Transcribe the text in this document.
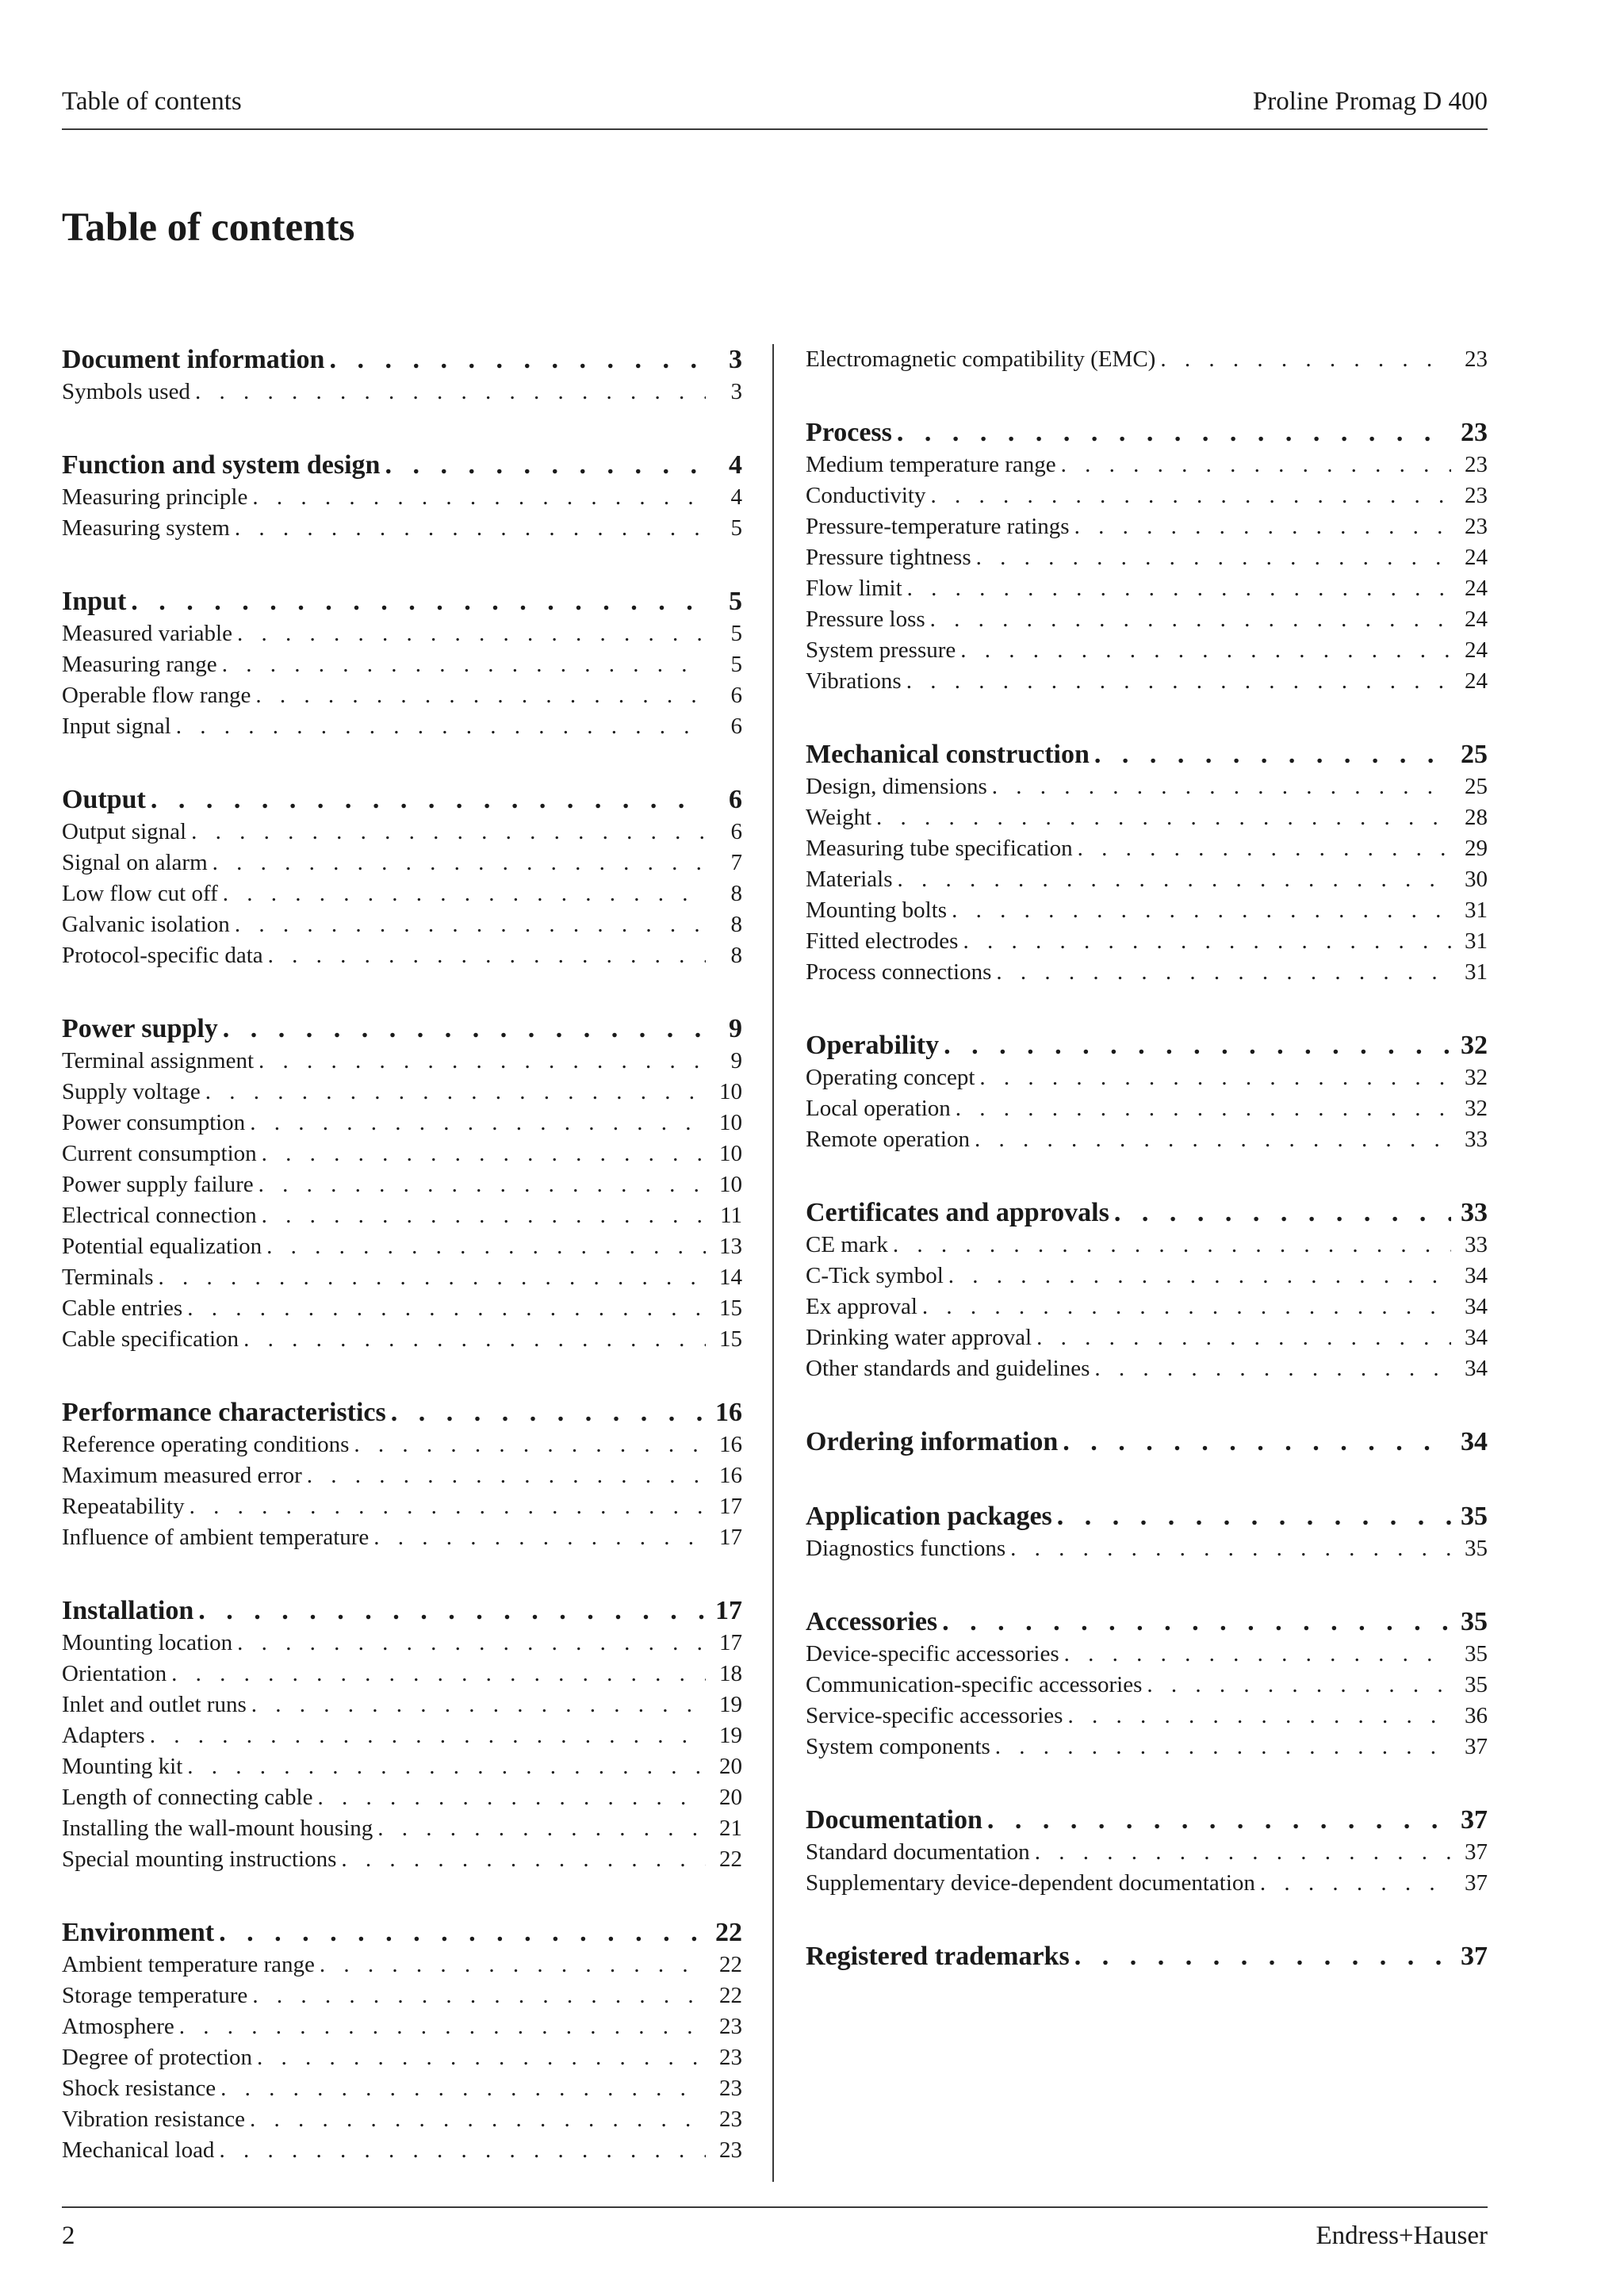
Table of contents	Proline Promag D 400
Table of contents
Document information . . .	3
Symbols used . . .	3
Function and system design . . .	4
Measuring principle . . .	4
Measuring system . . .	5
Input . . .	5
Measured variable . . .	5
Measuring range . . .	5
Operable flow range . . .	6
Input signal . . .	6
Output . . .	6
Output signal . . .	6
Signal on alarm . . .	7
Low flow cut off . . .	8
Galvanic isolation . . .	8
Protocol-specific data . . .	8
Power supply . . .	9
Terminal assignment . . .	9
Supply voltage . . .	10
Power consumption . . .	10
Current consumption . . .	10
Power supply failure . . .	10
Electrical connection . . .	11
Potential equalization . . .	13
Terminals . . .	14
Cable entries . . .	15
Cable specification . . .	15
Performance characteristics . . .	16
Reference operating conditions . . .	16
Maximum measured error . . .	16
Repeatability . . .	17
Influence of ambient temperature . . .	17
Installation . . .	17
Mounting location . . .	17
Orientation . . .	18
Inlet and outlet runs . . .	19
Adapters . . .	19
Mounting kit . . .	20
Length of connecting cable . . .	20
Installing the wall-mount housing . . .	21
Special mounting instructions . . .	22
Environment . . .	22
Ambient temperature range . . .	22
Storage temperature . . .	22
Atmosphere . . .	23
Degree of protection . . .	23
Shock resistance . . .	23
Vibration resistance . . .	23
Mechanical load . . .	23
Electromagnetic compatibility (EMC) . . .	23
Process . . .	23
Medium temperature range . . .	23
Conductivity . . .	23
Pressure-temperature ratings . . .	23
Pressure tightness . . .	24
Flow limit . . .	24
Pressure loss . . .	24
System pressure . . .	24
Vibrations . . .	24
Mechanical construction . . .	25
Design, dimensions . . .	25
Weight . . .	28
Measuring tube specification . . .	29
Materials . . .	30
Mounting bolts . . .	31
Fitted electrodes . . .	31
Process connections . . .	31
Operability . . .	32
Operating concept . . .	32
Local operation . . .	32
Remote operation . . .	33
Certificates and approvals . . .	33
CE mark . . .	33
C-Tick symbol . . .	34
Ex approval . . .	34
Drinking water approval . . .	34
Other standards and guidelines . . .	34
Ordering information . . .	34
Application packages . . .	35
Diagnostics functions . . .	35
Accessories . . .	35
Device-specific accessories . . .	35
Communication-specific accessories . . .	35
Service-specific accessories . . .	36
System components . . .	37
Documentation . . .	37
Standard documentation . . .	37
Supplementary device-dependent documentation . . .	37
Registered trademarks . . .	37
2	Endress+Hauser
